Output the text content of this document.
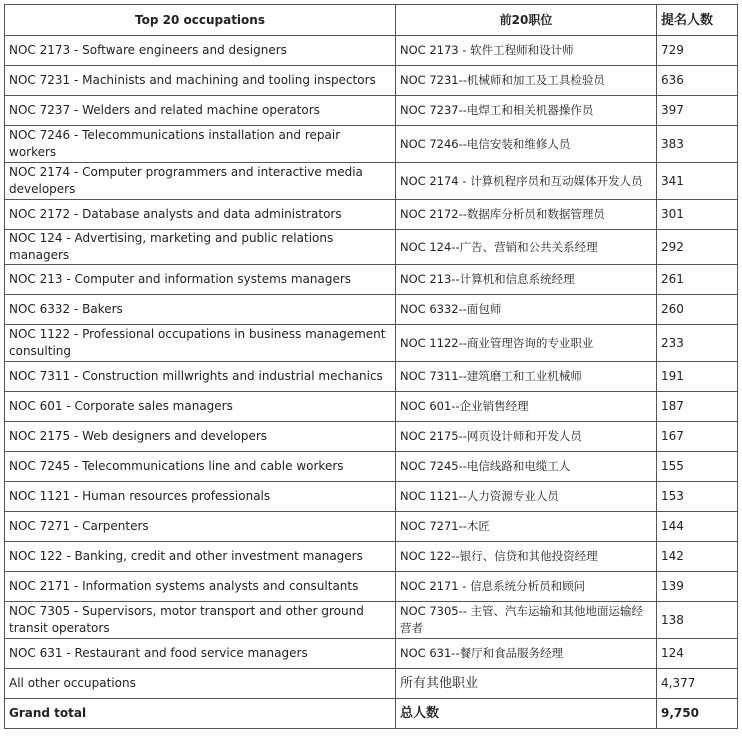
Top 20 occupations	前20职位	提名人数
NOC 2173 - Software engineers and designers	NOC 2173 - 软件工程师和设计师	729
NOC 7231 - Machinists and machining and tooling inspectors	NOC 7231--机械师和加工及工具检验员	636
NOC 7237 - Welders and related machine operators	NOC 7237--电焊工和相关机器操作员	397
NOC 7246 - Telecommunications installation and repair workers	NOC 7246--电信安装和维修人员	383
NOC 2174 - Computer programmers and interactive media developers	NOC 2174 - 计算机程序员和互动媒体开发人员	341
NOC 2172 - Database analysts and data administrators	NOC 2172--数据库分析员和数据管理员	301
NOC 124 - Advertising, marketing and public relations managers	NOC 124--广告、营销和公共关系经理	292
NOC 213 - Computer and information systems managers	NOC 213--计算机和信息系统经理	261
NOC 6332 - Bakers	NOC 6332--面包师	260
NOC 1122 - Professional occupations in business management consulting	NOC 1122--商业管理咨询的专业职业	233
NOC 7311 - Construction millwrights and industrial mechanics	NOC 7311--建筑磨工和工业机械师	191
NOC 601 - Corporate sales managers	NOC 601--企业销售经理	187
NOC 2175 - Web designers and developers	NOC 2175--网页设计师和开发人员	167
NOC 7245 - Telecommunications line and cable workers	NOC 7245--电信线路和电缆工人	155
NOC 1121 - Human resources professionals	NOC 1121--人力资源专业人员	153
NOC 7271 - Carpenters	NOC 7271--木匠	144
NOC 122 - Banking, credit and other investment managers	NOC 122--银行、信贷和其他投资经理	142
NOC 2171 - Information systems analysts and consultants	NOC 2171 - 信息系统分析员和顾问	139
NOC 7305 - Supervisors, motor transport and other ground transit operators	NOC 7305-- 主管、汽车运输和其他地面运输经营者	138
NOC 631 - Restaurant and food service managers	NOC 631--餐厅和食品服务经理	124
All other occupations	所有其他职业	4,377
Grand total	总人数	9,750
